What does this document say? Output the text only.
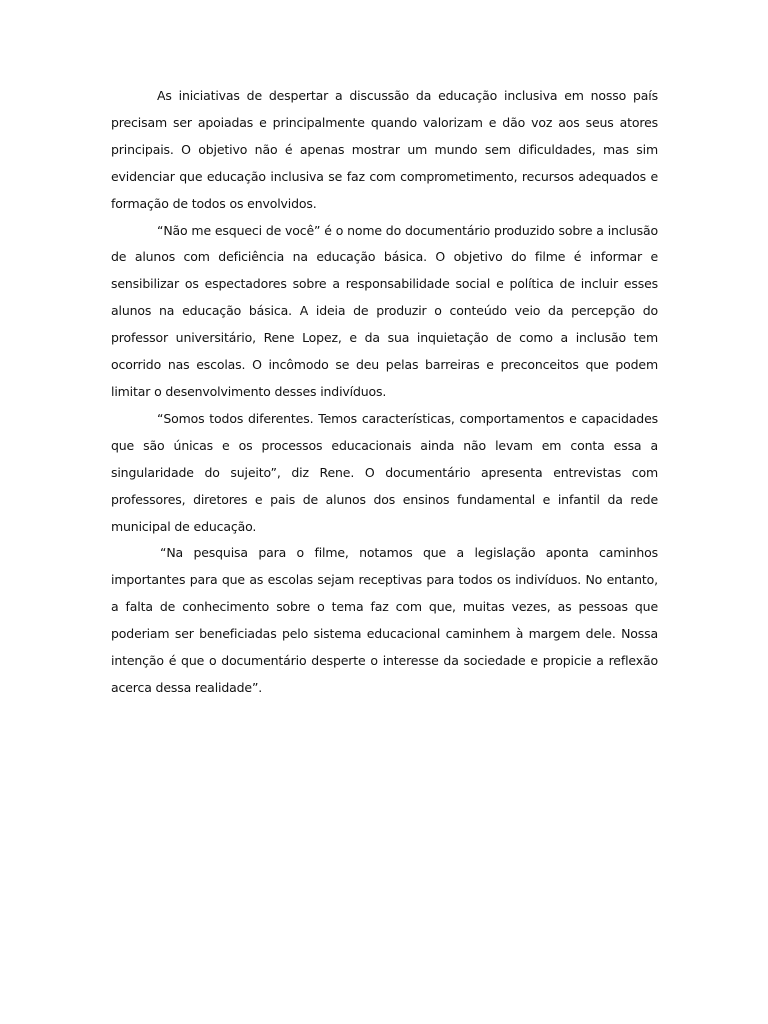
As iniciativas de despertar a discussão da educação inclusiva em nosso país precisam ser apoiadas e principalmente quando valorizam e dão voz aos seus atores principais. O objetivo não é apenas mostrar um mundo sem dificuldades, mas sim evidenciar que educação inclusiva se faz com comprometimento, recursos adequados e formação de todos os envolvidos.

“Não me esqueci de você” é o nome do documentário produzido sobre a inclusão de alunos com deficiência na educação básica. O objetivo do filme é informar e sensibilizar os espectadores sobre a responsabilidade social e política de incluir esses alunos na educação básica. A ideia de produzir o conteúdo veio da percepção do professor universitário, Rene Lopez, e da sua inquietação de como a inclusão tem ocorrido nas escolas. O incômodo se deu pelas barreiras e preconceitos que podem limitar o desenvolvimento desses indivíduos.

“Somos todos diferentes. Temos características, comportamentos e capacidades que são únicas e os processos educacionais ainda não levam em conta essa a singularidade do sujeito”, diz Rene. O documentário apresenta entrevistas com professores, diretores e pais de alunos dos ensinos fundamental e infantil da rede municipal de educação.

“Na pesquisa para o filme, notamos que a legislação aponta caminhos importantes para que as escolas sejam receptivas para todos os indivíduos. No entanto, a falta de conhecimento sobre o tema faz com que, muitas vezes, as pessoas que poderiam ser beneficiadas pelo sistema educacional caminhem à margem dele. Nossa intenção é que o documentário desperte o interesse da sociedade e propicie a reflexão acerca dessa realidade”.
